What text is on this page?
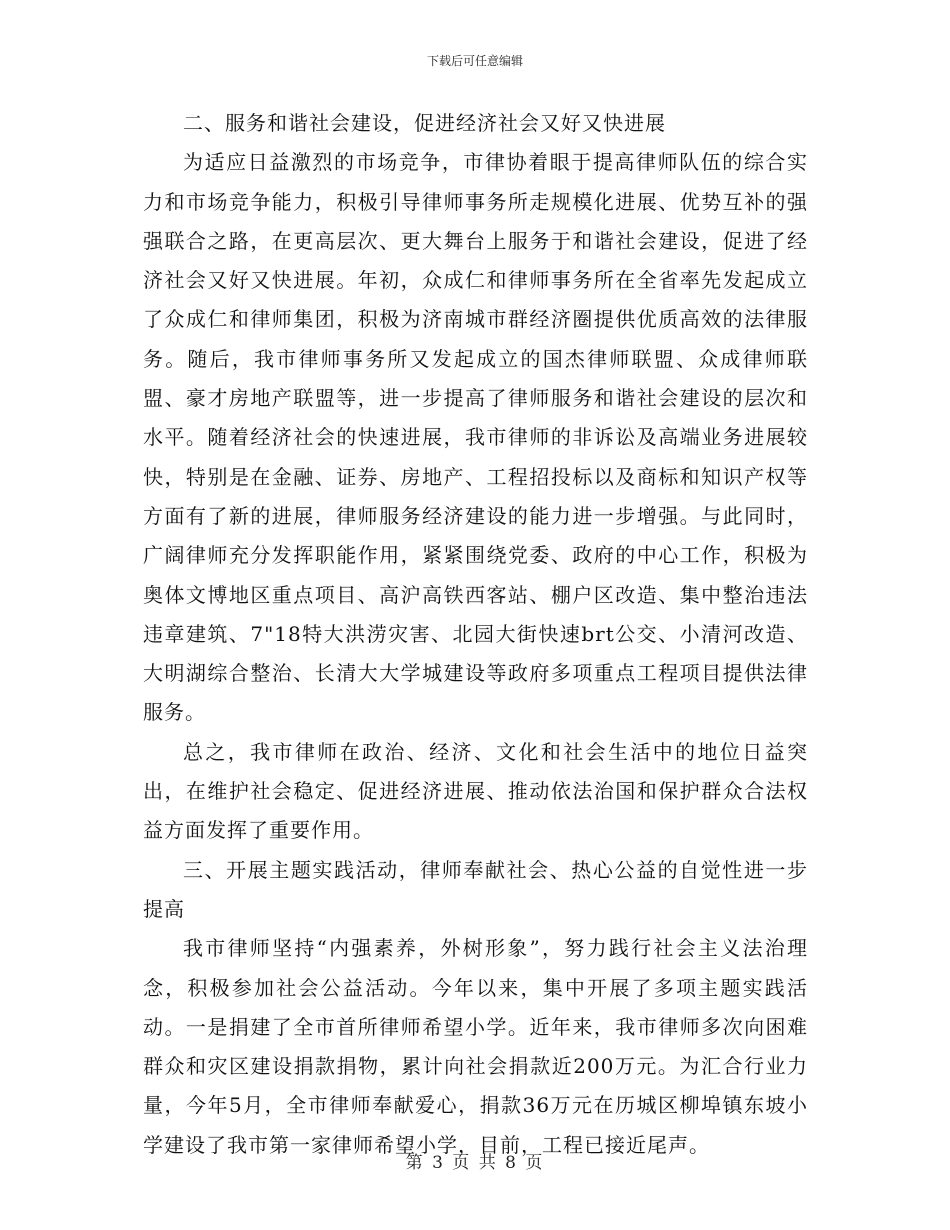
下载后可任意编辑

二、服务和谐社会建设，促进经济社会又好又快进展

为适应日益激烈的市场竞争，市律协着眼于提高律师队伍的综合实力和市场竞争能力，积极引导律师事务所走规模化进展、优势互补的强强联合之路，在更高层次、更大舞台上服务于和谐社会建设，促进了经济社会又好又快进展。年初，众成仁和律师事务所在全省率先发起成立了众成仁和律师集团，积极为济南城市群经济圈提供优质高效的法律服务。随后，我市律师事务所又发起成立的国杰律师联盟、众成律师联盟、豪才房地产联盟等，进一步提高了律师服务和谐社会建设的层次和水平。随着经济社会的快速进展，我市律师的非诉讼及高端业务进展较快，特别是在金融、证券、房地产、工程招投标以及商标和知识产权等方面有了新的进展，律师服务经济建设的能力进一步增强。与此同时，广阔律师充分发挥职能作用，紧紧围绕党委、政府的中心工作，积极为奥体文博地区重点项目、高沪高铁西客站、棚户区改造、集中整治违法违章建筑、7"18特大洪涝灾害、北园大街快速brt公交、小清河改造、大明湖综合整治、长清大大学城建设等政府多项重点工程项目提供法律服务。

总之，我市律师在政治、经济、文化和社会生活中的地位日益突出，在维护社会稳定、促进经济进展、推动依法治国和保护群众合法权益方面发挥了重要作用。

三、开展主题实践活动，律师奉献社会、热心公益的自觉性进一步提高

我市律师坚持“内强素养，外树形象”，努力践行社会主义法治理念，积极参加社会公益活动。今年以来，集中开展了多项主题实践活动。一是捐建了全市首所律师希望小学。近年来，我市律师多次向困难群众和灾区建设捐款捐物，累计向社会捐款近200万元。为汇合行业力量，今年5月，全市律师奉献爱心，捐款36万元在历城区柳埠镇东坡小学建设了我市第一家律师希望小学，目前，工程已接近尾声。

第 3 页 共 8 页
